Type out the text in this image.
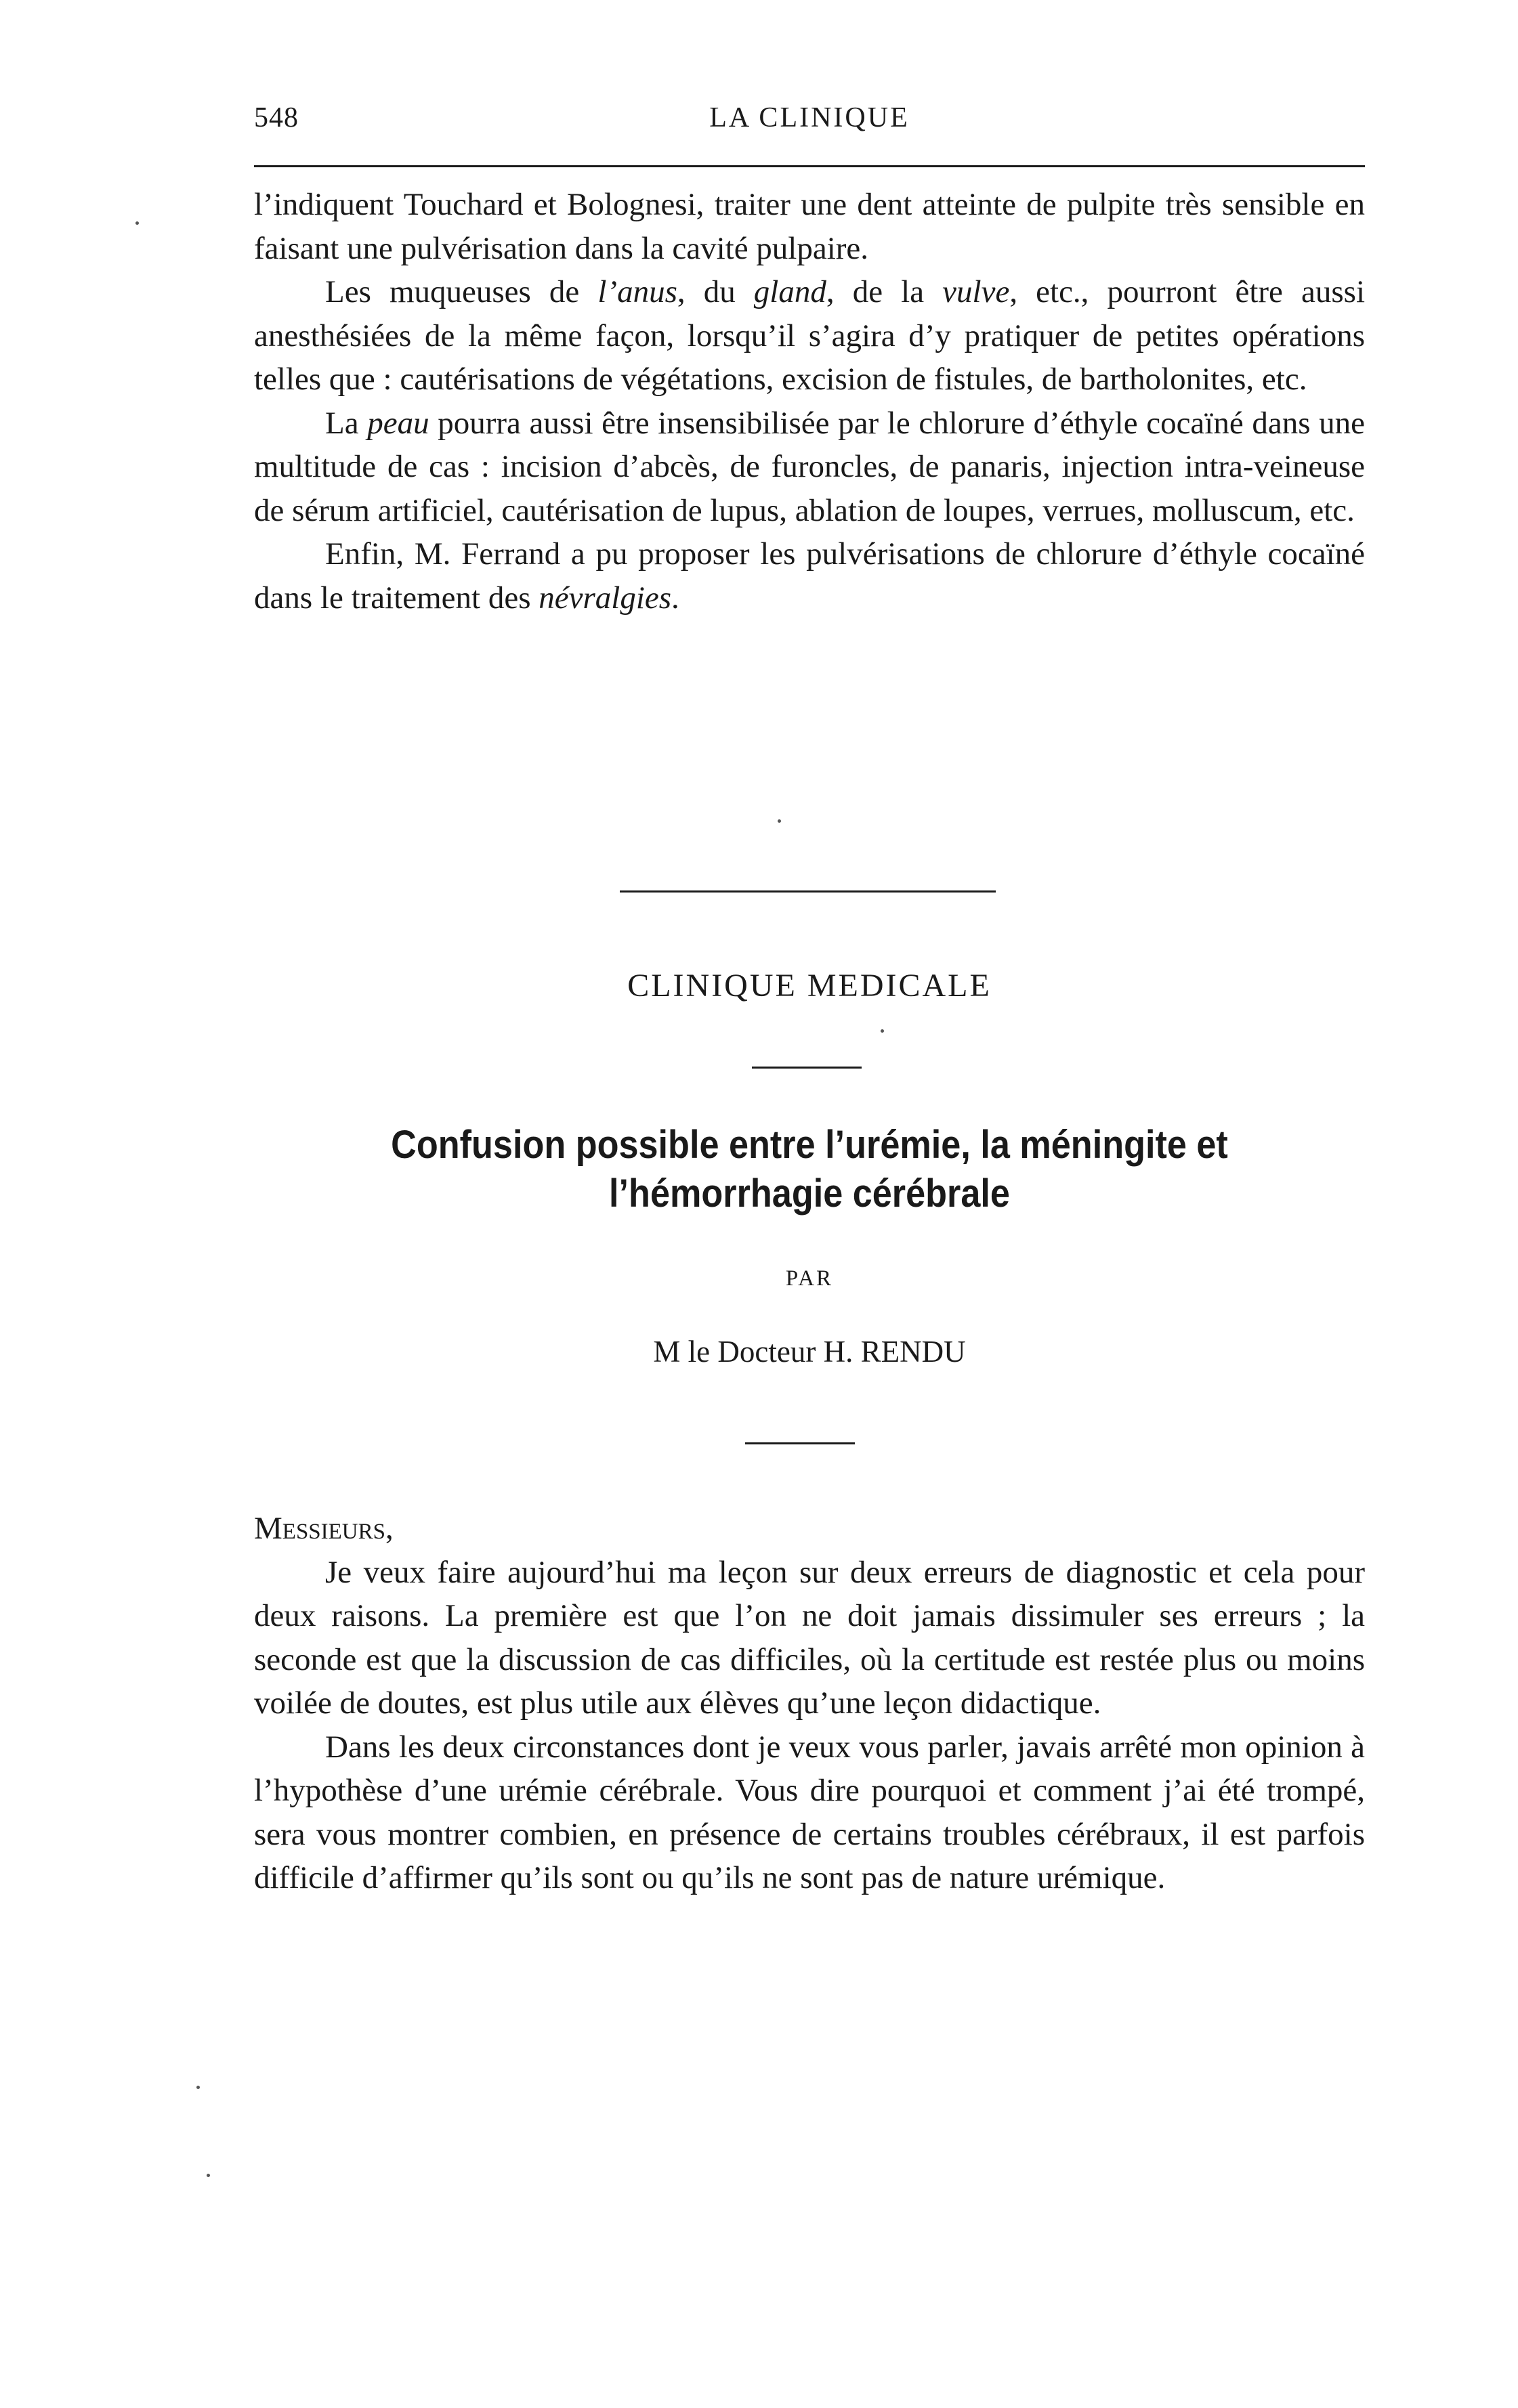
548	LA CLINIQUE

l’indiquent Touchard et Bolognesi, traiter une dent atteinte de pulpite très sensible en faisant une pulvérisation dans la cavité pulpaire.

Les muqueuses de l’anus, du gland, de la vulve, etc., pourront être aussi anesthésiées de la même façon, lorsqu’il s’agira d’y pratiquer de petites opérations telles que : cautérisations de végétations, excision de fistules, de bartholonites, etc.

La peau pourra aussi être insensibilisée par le chlorure d’éthyle cocaïné dans une multitude de cas : incision d’abcès, de furoncles, de panaris, injection intra-veineuse de sérum artificiel, cautérisation de lupus, ablation de loupes, verrues, molluscum, etc.

Enfin, M. Ferrand a pu proposer les pulvérisations de chlorure d’éthyle cocaïné dans le traitement des névralgies.

CLINIQUE MEDICALE
Confusion possible entre l’urémie, la méningite et
l’hémorrhagie cérébrale
PAR
M le Docteur H. RENDU

Messieurs,

Je veux faire aujourd’hui ma leçon sur deux erreurs de diagnostic et cela pour deux raisons. La première est que l’on ne doit jamais dissimuler ses erreurs ; la seconde est que la discussion de cas difficiles, où la certitude est restée plus ou moins voilée de doutes, est plus utile aux élèves qu’une leçon didactique.

Dans les deux circonstances dont je veux vous parler, javais arrêté mon opinion à l’hypothèse d’une urémie cérébrale. Vous dire pourquoi et comment j’ai été trompé, sera vous montrer combien, en présence de certains troubles cérébraux, il est parfois difficile d’affirmer qu’ils sont ou qu’ils ne sont pas de nature urémique.
